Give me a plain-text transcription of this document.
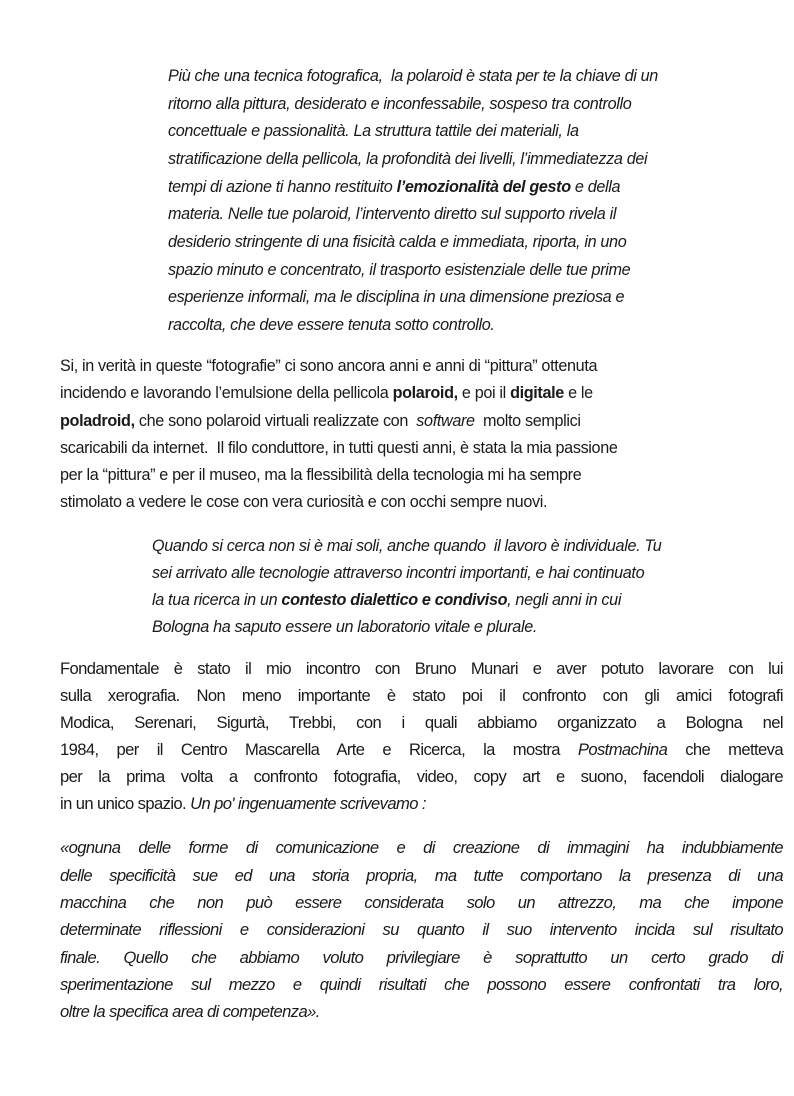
Più che una tecnica fotografica,  la polaroid è stata per te la chiave di un
ritorno alla pittura, desiderato e inconfessabile, sospeso tra controllo
concettuale e passionalità. La struttura tattile dei materiali, la
stratificazione della pellicola, la profondità dei livelli, l’immediatezza dei
tempi di azione ti hanno restituito l’emozionalità del gesto e della
materia. Nelle tue polaroid, l’intervento diretto sul supporto rivela il
desiderio stringente di una fisicità calda e immediata, riporta, in uno
spazio minuto e concentrato, il trasporto esistenziale delle tue prime
esperienze informali, ma le disciplina in una dimensione preziosa e
raccolta, che deve essere tenuta sotto controllo.
Si, in verità in queste “fotografie” ci sono ancora anni e anni di “pittura” ottenuta
incidendo e lavorando l’emulsione della pellicola polaroid, e poi il digitale e le
poladroid, che sono polaroid virtuali realizzate con  software  molto semplici
scaricabili da internet.  Il filo conduttore, in tutti questi anni, è stata la mia passione
per la “pittura” e per il museo, ma la flessibilità della tecnologia mi ha sempre
stimolato a vedere le cose con vera curiosità e con occhi sempre nuovi.
Quando si cerca non si è mai soli, anche quando  il lavoro è individuale. Tu
sei arrivato alle tecnologie attraverso incontri importanti, e hai continuato
la tua ricerca in un contesto dialettico e condiviso, negli anni in cui
Bologna ha saputo essere un laboratorio vitale e plurale.
Fondamentale è stato il mio incontro con Bruno Munari e aver potuto lavorare con lui
sulla xerografia. Non meno importante è stato poi il confronto con gli amici fotografi
Modica, Serenari, Sigurtà, Trebbi, con i quali abbiamo organizzato a Bologna nel
1984, per il Centro Mascarella Arte e Ricerca, la mostra Postmachina che metteva
per la prima volta a confronto fotografia, video, copy art e suono, facendoli dialogare
in un unico spazio. Un po' ingenuamente scrivevamo :
«ognuna delle forme di comunicazione e di creazione di immagini ha indubbiamente
delle specificità sue ed una storia propria, ma tutte comportano la presenza di una
macchina che non può essere considerata solo un attrezzo, ma che impone
determinate riflessioni e considerazioni su quanto il suo intervento incida sul risultato
finale. Quello che abbiamo voluto privilegiare è soprattutto un certo grado di
sperimentazione sul mezzo e quindi risultati che possono essere confrontati tra loro,
oltre la specifica area di competenza».
